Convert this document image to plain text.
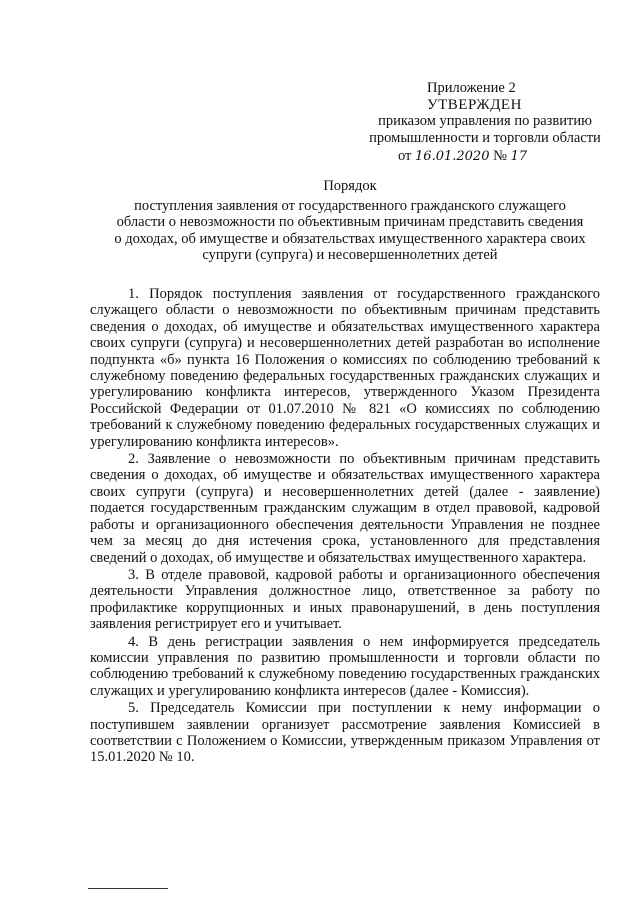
Приложение 2
УТВЕРЖДЕН
приказом управления по развитию
промышленности и торговли области
от 16.01.2020 № 17
Порядок
поступления заявления от государственного гражданского служащего
области о невозможности по объективным причинам представить сведения
о доходах, об имуществе и обязательствах имущественного характера своих
супруги (супруга) и несовершеннолетних детей

1. Порядок поступления заявления от государственного гражданского служащего области о невозможности по объективным причинам представить сведения о доходах, об имуществе и обязательствах имущественного характера своих супруги (супруга) и несовершеннолетних детей разработан во исполнение подпункта «б» пункта 16 Положения о комиссиях по соблюдению требований к служебному поведению федеральных государственных гражданских служащих и урегулированию конфликта интересов, утвержденного Указом Президента Российской Федерации от 01.07.2010 № 821 «О комиссиях по соблюдению требований к служебному поведению федеральных государственных служащих и урегулированию конфликта интересов».

2. Заявление о невозможности по объективным причинам представить сведения о доходах, об имуществе и обязательствах имущественного характера своих супруги (супруга) и несовершеннолетних детей (далее - заявление) подается государственным гражданским служащим в отдел правовой, кадровой работы и организационного обеспечения деятельности Управления не позднее чем за месяц до дня истечения срока, установленного для представления сведений о доходах, об имуществе и обязательствах имущественного характера.

3. В отделе правовой, кадровой работы и организационного обеспечения деятельности Управления должностное лицо, ответственное за работу по профилактике коррупционных и иных правонарушений, в день поступления заявления регистрирует его и учитывает.

4. В день регистрации заявления о нем информируется председатель комиссии управления по развитию промышленности и торговли области по соблюдению требований к служебному поведению государственных гражданских служащих и урегулированию конфликта интересов (далее - Комиссия).

5. Председатель Комиссии при поступлении к нему информации о поступившем заявлении организует рассмотрение заявления Комиссией в соответствии с Положением о Комиссии, утвержденным приказом Управления от 15.01.2020 № 10.
